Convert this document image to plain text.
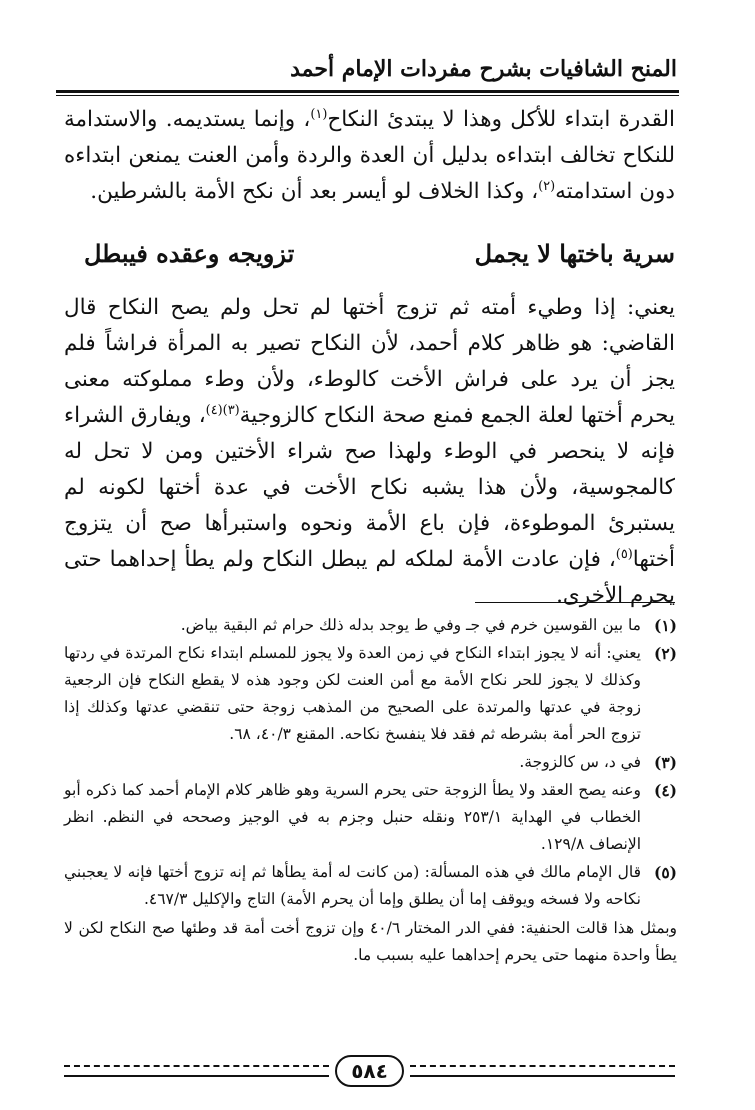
المنح الشافيات بشرح مفردات الإمام أحمد
القدرة ابتداء للأكل وهذا لا يبتدئ النكاح$^{(١)}$، وإنما يستديمه. والاستدامة للنكاح تخالف ابتداءه بدليل أن العدة والردة وأمن العنت يمنعن ابتداءه دون استدامته$^{(٢)}$، وكذا الخلاف لو أيسر بعد أن نكح الأمة بالشرطين.
سرية باختها لا يجمل
تزويجه وعقده فيبطل
يعني: إذا وطيء أمته ثم تزوج أختها لم تحل ولم يصح النكاح قال القاضي: هو ظاهر كلام أحمد، لأن النكاح تصير به المرأة فراشاً فلم يجز أن يرد على فراش الأخت كالوطء، ولأن وطء مملوكته معنى يحرم أختها لعلة الجمع فمنع صحة النكاح كالزوجية$^{(٣)(٤)}$، ويفارق الشراء فإنه لا ينحصر في الوطء ولهذا صح شراء الأختين ومن لا تحل له كالمجوسية، ولأن هذا يشبه نكاح الأخت في عدة أختها لكونه لم يستبرئ الموطوءة، فإن باع الأمة ونحوه واستبرأها صح أن يتزوج أختها$^{(٥)}$، فإن عادت الأمة لملكه لم يبطل النكاح ولم يطأ إحداهما حتى يحرم الأخرى.
(١)
ما بين القوسين خرم في جـ وفي ط يوجد بدله ذلك حرام ثم البقية بياض.
(٢)
يعني: أنه لا يجوز ابتداء النكاح في زمن العدة ولا يجوز للمسلم ابتداء نكاح المرتدة في ردتها وكذلك لا يجوز للحر نكاح الأمة مع أمن العنت لكن وجود هذه لا يقطع النكاح فإن الرجعية زوجة في عدتها والمرتدة على الصحيح من المذهب زوجة حتى تنقضي عدتها وكذلك إذا تزوج الحر أمة بشرطه ثم فقد فلا ينفسخ نكاحه. المقنع ٤٠/٣، ٦٨.
(٣)
في د، س كالزوجة.
(٤)
وعنه يصح العقد ولا يطأ الزوجة حتى يحرم السرية وهو ظاهر كلام الإمام أحمد كما ذكره أبو الخطاب في الهداية ٢٥٣/١ ونقله حنبل وجزم به في الوجيز وصححه في النظم. انظر الإنصاف ١٢٩/٨.
(٥)
قال الإمام مالك في هذه المسألة: (من كانت له أمة يطأها ثم إنه تزوج أختها فإنه لا يعجبني نكاحه ولا فسخه ويوقف إما أن يطلق وإما أن يحرم الأمة) التاج والإكليل ٤٦٧/٣.
وبمثل هذا قالت الحنفية: ففي الدر المختار ٤٠/٦ وإن تزوج أخت أمة قد وطئها صح النكاح لكن لا يطأ واحدة منهما حتى يحرم إحداهما عليه بسبب ما.
٥٨٤
